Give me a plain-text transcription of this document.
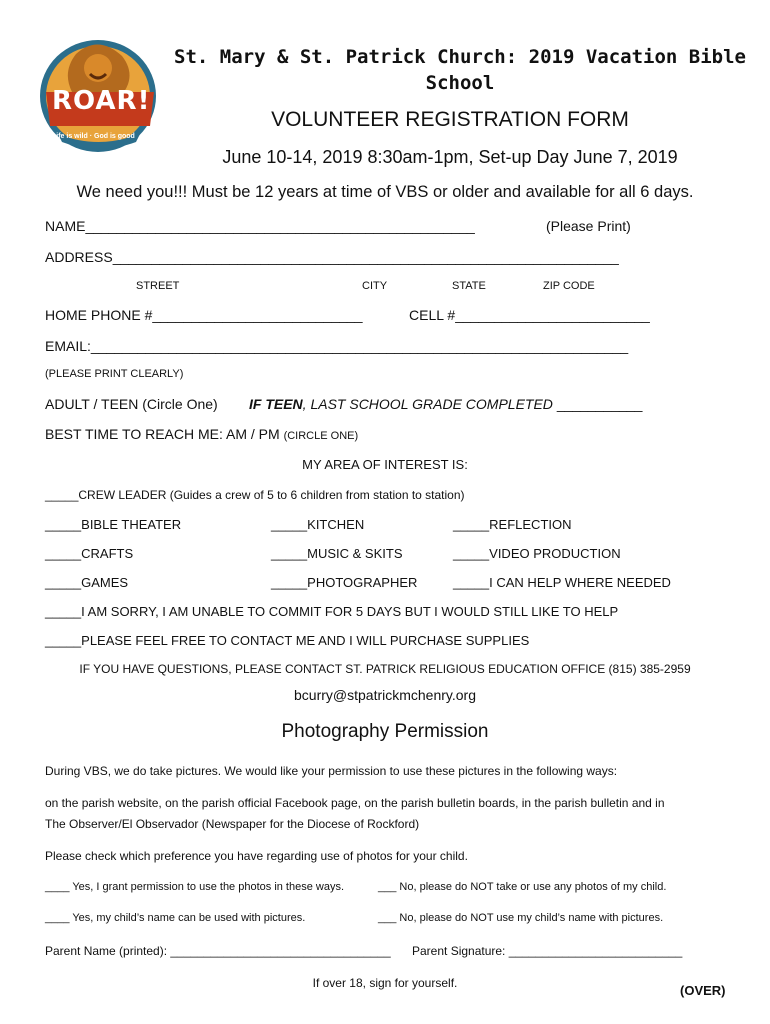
ROAR!
Life is wild · God is good
St. Mary & St. Patrick Church: 2019 Vacation Bible School
VOLUNTEER REGISTRATION FORM
June 10-14, 2019 8:30am-1pm, Set-up Day June 7, 2019
We need you!!! Must be 12 years at time of VBS or older and available for all 6 days.
NAME__________________________________________________	(Please Print)
ADDRESS_________________________________________________________________
STREET	CITY	STATE	ZIP CODE
HOME PHONE #___________________________	CELL #_________________________
EMAIL:_____________________________________________________________________
(PLEASE PRINT CLEARLY)
ADULT / TEEN (Circle One) IF TEEN, LAST SCHOOL GRADE COMPLETED ___________
BEST TIME TO REACH ME: AM / PM (CIRCLE ONE)
MY AREA OF INTEREST IS:
_____CREW LEADER (Guides a crew of 5 to 6 children from station to station)
_____BIBLE THEATER	_____KITCHEN	_____REFLECTION
_____CRAFTS	_____MUSIC & SKITS	_____VIDEO PRODUCTION
_____GAMES	_____PHOTOGRAPHER	_____I CAN HELP WHERE NEEDED
_____I AM SORRY, I AM UNABLE TO COMMIT FOR 5 DAYS BUT I WOULD STILL LIKE TO HELP
_____PLEASE FEEL FREE TO CONTACT ME AND I WILL PURCHASE SUPPLIES
IF YOU HAVE QUESTIONS, PLEASE CONTACT ST. PATRICK RELIGIOUS EDUCATION OFFICE (815) 385-2959
bcurry@stpatrickmchenry.org
Photography Permission
During VBS, we do take pictures. We would like your permission to use these pictures in the following ways:
on the parish website, on the parish official Facebook page, on the parish bulletin boards, in the parish bulletin and in
The Observer/El Observador (Newspaper for the Diocese of Rockford)
Please check which preference you have regarding use of photos for your child.
____ Yes, I grant permission to use the photos in these ways.	___ No, please do NOT take or use any photos of my child.
____ Yes, my child’s name can be used with pictures.	___ No, please do NOT use my child’s name with pictures.
Parent Name (printed): _________________________________ Parent Signature: __________________________
If over 18, sign for yourself.	(OVER)
